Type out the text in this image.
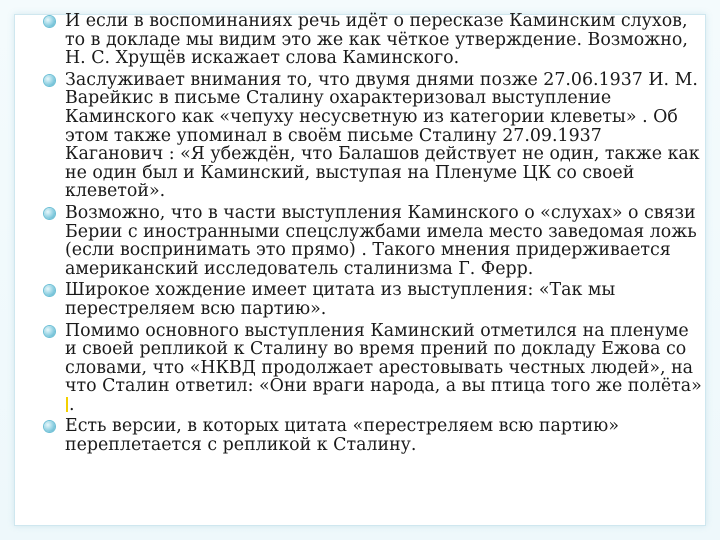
И если в воспоминаниях речь идёт о пересказе Каминским слухов, то в докладе мы видим это же как чёткое утверждение. Возможно, Н. С. Хрущёв искажает слова Каминского.
Заслуживает внимания то, что двумя днями позже 27.06.1937 И. М. Варейкис в письме Сталину охарактеризовал выступление Каминского как «чепуху несусветную из категории клеветы» . Об этом также упоминал в своём письме Сталину 27.09.1937 Каганович : «Я убеждён, что Балашов действует не один, также как не один был и Каминский, выступая на Пленуме ЦК со своей клеветой».
Возможно, что в части выступления Каминского о «слухах» о связи Берии с иностранными спецслужбами имела место заведомая ложь (если воспринимать это прямо) . Такого мнения придерживается американский исследователь сталинизма Г. Ферр.
Широкое хождение имеет цитата из выступления: «Так мы перестреляем всю партию».
Помимо основного выступления Каминский отметился на пленуме и своей репликой к Сталину во время прений по докладу Ежова со словами, что «НКВД продолжает арестовывать честных людей», на что Сталин ответил: «Они враги народа, а вы птица того же полёта».
Есть версии, в которых цитата «перестреляем всю партию» переплетается с репликой к Сталину.
